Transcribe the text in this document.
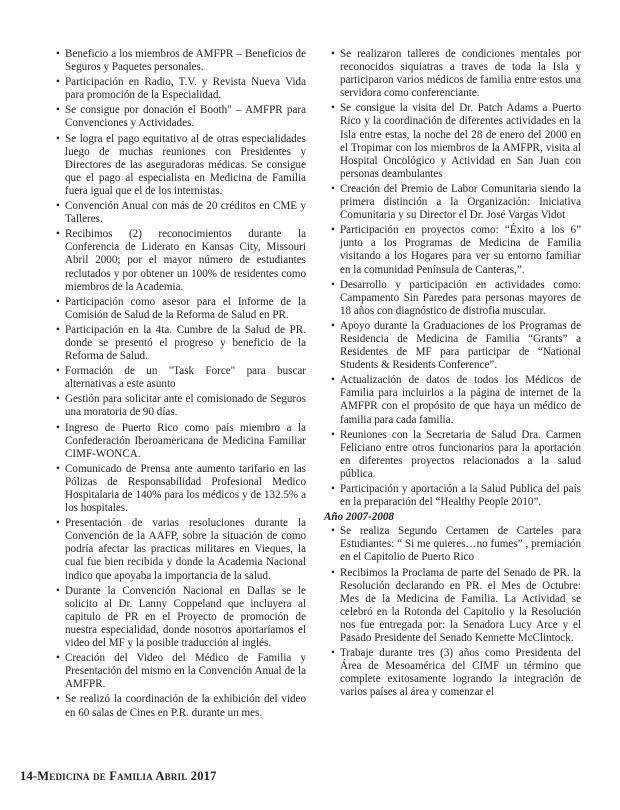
• Beneficio a los miembros de AMFPR – Beneficios de Seguros y Paquetes personales.
• Participación en Radio, T.V. y Revista Nueva Vida para promoción de la Especialidad.
• Se consigue por donación el Booth" – AMFPR para Convenciones y Actividades.
• Se logra el pago equitativo al de otras especialidades luego de muchas reuniones con Presidentes y Directores de las aseguradoras médicas. Se consigue que el pago al especialista en Medicina de Familia fuera igual que el de los internistas.
• Convención Anual con más de 20 créditos en CME y Talleres.
• Recibimos (2) reconocimientos durante la Conferencia de Liderato en Kansas City, Missouri Abril 2000; por el mayor número de estudiantes reclutados y por obtener un 100% de residentes como miembros de la Academia.
• Participación como asesor para el Informe de la Comisión de Salud de la Reforma de Salud en PR.
• Participación en la 4ta. Cumbre de la Salud de PR. donde se presentó el progreso y beneficio de la Reforma de Salud.
• Formación de un "Task Force" para buscar alternativas a este asunto
• Gestión para solicitar ante el comisionado de Seguros una moratoria de 90 días.
• Ingreso de Puerto Rico como país miembro a la Confederación Iberoamericana de Medicina Familiar CIMF-WONCA.
• Comunicado de Prensa ante aumento tarifario en las Pólizas de Responsabilidad Profesional Medico Hospitalaria de 140% para los médicos y de 132.5% a los hospitales.
• Presentación de varias resoluciones durante la Convención de la AAFP, sobre la situación de como podría afectar las practicas militares en Vieques, la cual fue bien recibida y donde la Academia Nacional indico que apoyaba la importancia de la salud.
• Durante la Convención Nacional en Dallas se le solicito al Dr. Lanny Coppeland que incluyera al capitulo de PR en el Proyecto de promoción de nuestra especialidad, donde nosotros aportaríamos el video del MF y la posible traducción al inglés.
• Creación del Video del Médico de Familia y Presentación del mismo en la Convención Anual de la AMFPR.
• Se realizó la coordinación de la exhibición del video en 60 salas de Cines en P.R. durante un mes.
• Se realizaron talleres de condiciones mentales por reconocidos siquiatras a traves de toda la Isla y participaron varios médicos de familia entre estos una servidora como conferenciante.
• Se consigue la visita del Dr. Patch Adams a Puerto Rico y la coordinación de diferentes actividades en la Isla entre estas, la noche del 28 de enero del 2000 en el Tropimar con los miembros de la AMFPR, visita al Hospital Oncológico y Actividad en San Juan con personas deambulantes
• Creación del Premio de Labor Comunitaria siendo la primera distinción a la Organización: Iniciativa Comunitaria y su Director el Dr. José Vargas Vidot
• Participación en proyectos como: “Éxito a los 6” junto a los Programas de Medicina de Familia visitando a los Hogares para ver su entorno familiar en la comunidad Península de Canteras,”.
• Desarrollo y participación en actividades como: Campamento Sin Paredes para personas mayores de 18 años con diagnóstico de distrofia muscular.
• Apoyo durante la Graduaciones de los Programas de Residencia de Medicina de Familia “Grants” a Residentes de MF para participar de “National Students & Residents Conference”.
• Actualización de datos de todos los Médicos de Familia para incluirlos a la página de internet de la AMFPR con el propósito de que haya un médico de familia para cada familia.
• Reuniones con la Secretaria de Salud Dra. Carmen Feliciano entre otros funcionarios para la aportación en diferentes proyectos relacionados a la salud pública.
• Participación y aportación a la Salud Publica del país en la preparación del “Healthy People 2010”.
Año 2007-2008
• Se realiza Segundo Certamen de Carteles para Estudiantes: “ Si me quieres…no fumes” , premiación en el Capitolio de Puerto Rico
• Recibimos la Proclama de parte del Senado de PR. la Resolución declarando en PR. el Mes de Octubre: Mes de la Medicina de Familia. La Actividad se celebró en la Rotonda del Capitolio y la Resolución nos fue entregada por: la Senadora Lucy Arce y el Pasado Presidente del Senado Kennette McClintock.
• Trabaje durante tres (3) años como Presidenta del Área de Mesoamérica del CIMF un término que complete exitosamente logrando la integración de varios países al área y comenzar el
14-Medicina de Familia Abril 2017
